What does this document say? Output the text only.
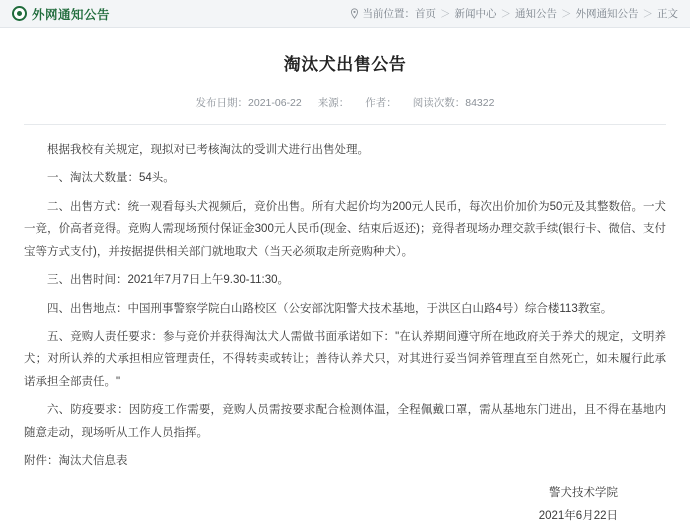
外网通知公告	当前位置： 首页 ＞ 新闻中心 ＞ 通知公告 ＞ 外网通知公告 ＞ 正文
淘汰犬出售公告
发布日期：2021-06-22 来源： 作者： 阅读次数：84322

根据我校有关规定，现拟对已考核淘汰的受训犬进行出售处理。

一、淘汰犬数量：54头。

二、出售方式：统一观看每头犬视频后，竞价出售。所有犬起价均为200元人民币，每次出价加价为50元及其整数倍。一犬一竞，价高者竞得。竞购人需现场预付保证金300元人民币(现金、结束后返还)；竞得者现场办理交款手续(银行卡、微信、支付宝等方式支付)，并按据提供相关部门就地取犬（当天必须取走所竞购种犬）。

三、出售时间：2021年7月7日上午9.30-11:30。

四、出售地点：中国刑事警察学院白山路校区（公安部沈阳警犬技术基地，于洪区白山路4号）综合楼113教室。

五、竞购人责任要求：参与竞价并获得淘汰犬人需做书面承诺如下："在认养期间遵守所在地政府关于养犬的规定，文明养犬；对所认养的犬承担相应管理责任，不得转卖或转让；善待认养犬只，对其进行妥当饲养管理直至自然死亡，如未履行此承诺承担全部责任。"

六、防疫要求：因防疫工作需要，竞购人员需按要求配合检测体温，全程佩戴口罩，需从基地东门进出，且不得在基地内随意走动，现场听从工作人员指挥。

附件：淘汰犬信息表

警犬技术学院
2021年6月22日
